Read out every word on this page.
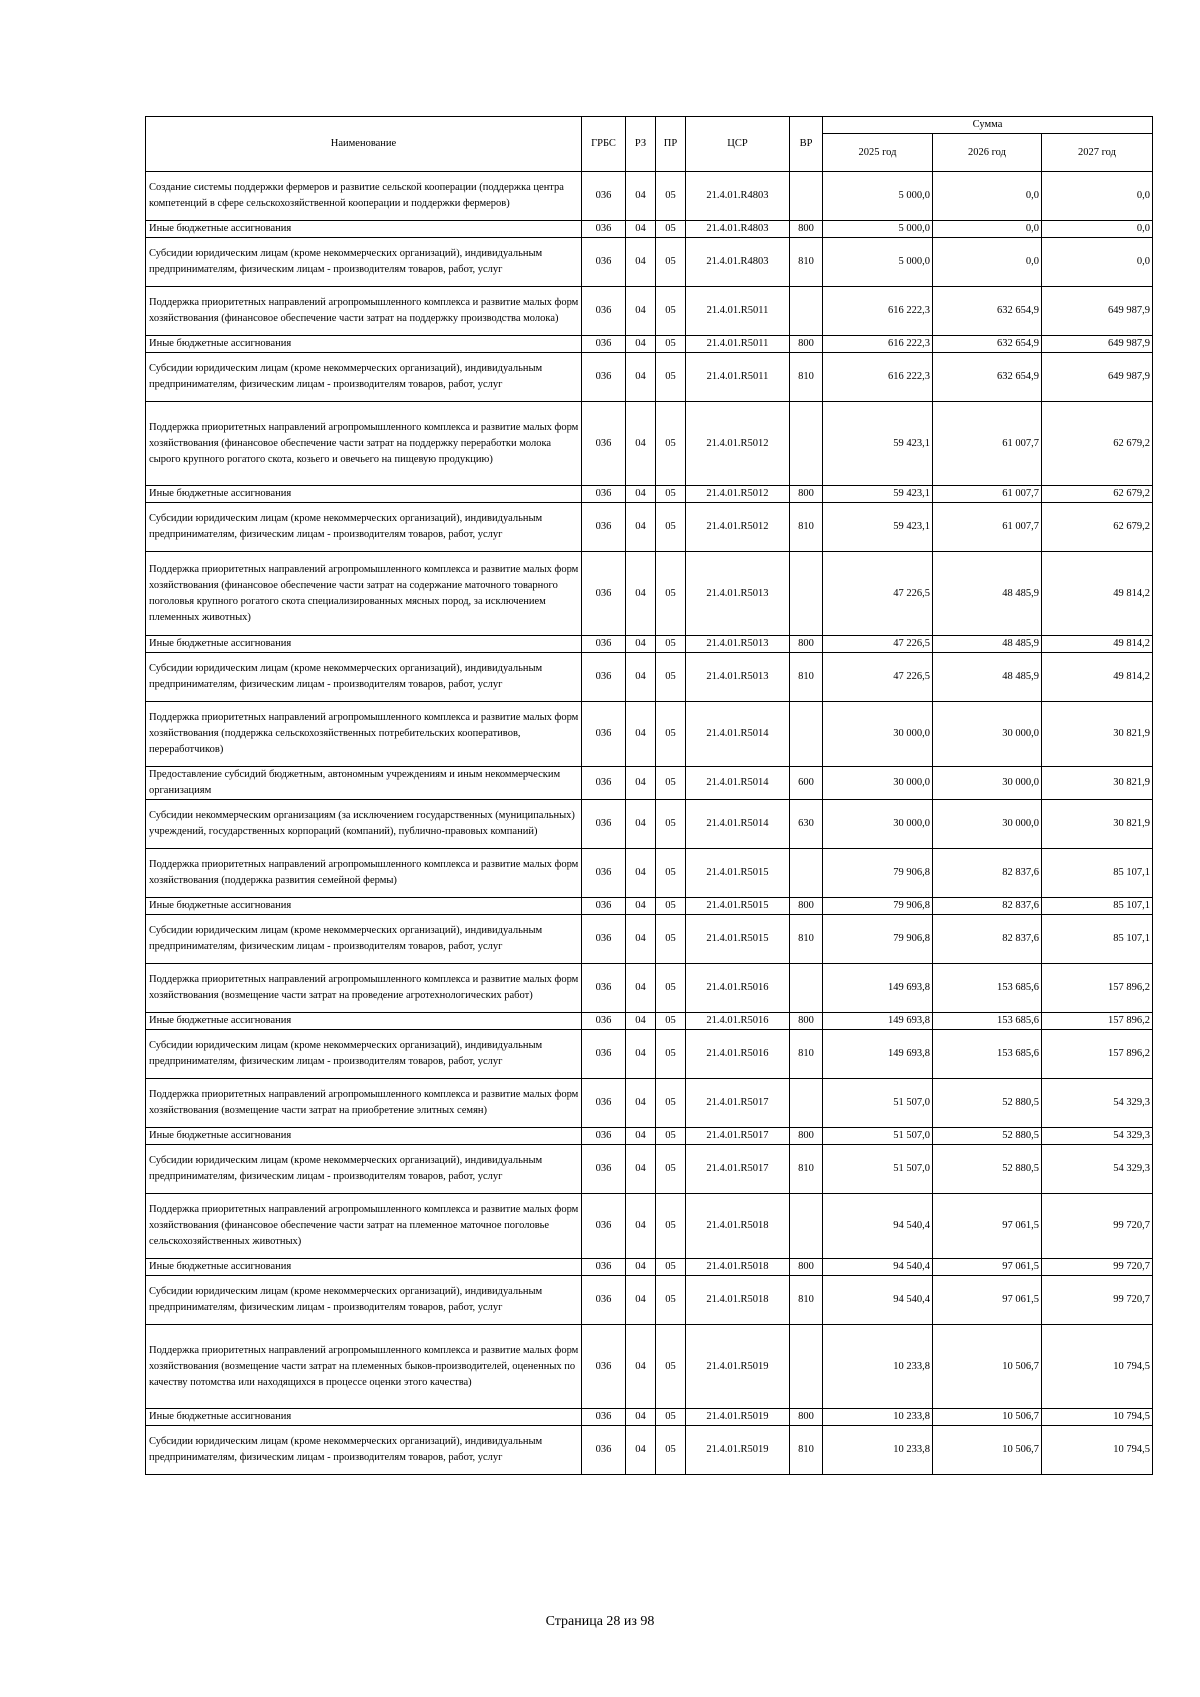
Наименование	ГРБС	РЗ	ПР	ЦСР	ВР	Сумма		
						2025 год	2026 год	2027 год
Создание системы поддержки фермеров и развитие сельской кооперации (поддержка центра компетенций в сфере сельскохозяйственной кооперации и поддержки фермеров)	036	04	05	21.4.01.R4803		5 000,0	0,0	0,0
Иные бюджетные ассигнования	036	04	05	21.4.01.R4803	800	5 000,0	0,0	0,0
Субсидии юридическим лицам (кроме некоммерческих организаций), индивидуальным предпринимателям, физическим лицам - производителям товаров, работ, услуг	036	04	05	21.4.01.R4803	810	5 000,0	0,0	0,0
Поддержка приоритетных направлений агропромышленного комплекса и развитие малых форм хозяйствования (финансовое обеспечение части затрат на поддержку производства молока)	036	04	05	21.4.01.R5011		616 222,3	632 654,9	649 987,9
Иные бюджетные ассигнования	036	04	05	21.4.01.R5011	800	616 222,3	632 654,9	649 987,9
Субсидии юридическим лицам (кроме некоммерческих организаций), индивидуальным предпринимателям, физическим лицам - производителям товаров, работ, услуг	036	04	05	21.4.01.R5011	810	616 222,3	632 654,9	649 987,9
Поддержка приоритетных направлений агропромышленного комплекса и развитие малых форм хозяйствования (финансовое обеспечение части затрат на поддержку переработки молока сырого крупного рогатого скота, козьего и овечьего на пищевую продукцию)	036	04	05	21.4.01.R5012		59 423,1	61 007,7	62 679,2
Иные бюджетные ассигнования	036	04	05	21.4.01.R5012	800	59 423,1	61 007,7	62 679,2
Субсидии юридическим лицам (кроме некоммерческих организаций), индивидуальным предпринимателям, физическим лицам - производителям товаров, работ, услуг	036	04	05	21.4.01.R5012	810	59 423,1	61 007,7	62 679,2
Поддержка приоритетных направлений агропромышленного комплекса и развитие малых форм хозяйствования (финансовое обеспечение части затрат на содержание маточного товарного поголовья крупного рогатого скота специализированных мясных пород, за исключением племенных животных)	036	04	05	21.4.01.R5013		47 226,5	48 485,9	49 814,2
Иные бюджетные ассигнования	036	04	05	21.4.01.R5013	800	47 226,5	48 485,9	49 814,2
Субсидии юридическим лицам (кроме некоммерческих организаций), индивидуальным предпринимателям, физическим лицам - производителям товаров, работ, услуг	036	04	05	21.4.01.R5013	810	47 226,5	48 485,9	49 814,2
Поддержка приоритетных направлений агропромышленного комплекса и развитие малых форм хозяйствования (поддержка сельскохозяйственных потребительских кооперативов, переработчиков)	036	04	05	21.4.01.R5014		30 000,0	30 000,0	30 821,9
Предоставление субсидий бюджетным, автономным учреждениям и иным некоммерческим организациям	036	04	05	21.4.01.R5014	600	30 000,0	30 000,0	30 821,9
Субсидии некоммерческим организациям (за исключением государственных (муниципальных) учреждений, государственных корпораций (компаний), публично-правовых компаний)	036	04	05	21.4.01.R5014	630	30 000,0	30 000,0	30 821,9
Поддержка приоритетных направлений агропромышленного комплекса и развитие малых форм хозяйствования (поддержка развития семейной фермы)	036	04	05	21.4.01.R5015		79 906,8	82 837,6	85 107,1
Иные бюджетные ассигнования	036	04	05	21.4.01.R5015	800	79 906,8	82 837,6	85 107,1
Субсидии юридическим лицам (кроме некоммерческих организаций), индивидуальным предпринимателям, физическим лицам - производителям товаров, работ, услуг	036	04	05	21.4.01.R5015	810	79 906,8	82 837,6	85 107,1
Поддержка приоритетных направлений агропромышленного комплекса и развитие малых форм хозяйствования (возмещение части затрат на проведение агротехнологических работ)	036	04	05	21.4.01.R5016		149 693,8	153 685,6	157 896,2
Иные бюджетные ассигнования	036	04	05	21.4.01.R5016	800	149 693,8	153 685,6	157 896,2
Субсидии юридическим лицам (кроме некоммерческих организаций), индивидуальным предпринимателям, физическим лицам - производителям товаров, работ, услуг	036	04	05	21.4.01.R5016	810	149 693,8	153 685,6	157 896,2
Поддержка приоритетных направлений агропромышленного комплекса и развитие малых форм хозяйствования (возмещение части затрат на приобретение элитных семян)	036	04	05	21.4.01.R5017		51 507,0	52 880,5	54 329,3
Иные бюджетные ассигнования	036	04	05	21.4.01.R5017	800	51 507,0	52 880,5	54 329,3
Субсидии юридическим лицам (кроме некоммерческих организаций), индивидуальным предпринимателям, физическим лицам - производителям товаров, работ, услуг	036	04	05	21.4.01.R5017	810	51 507,0	52 880,5	54 329,3
Поддержка приоритетных направлений агропромышленного комплекса и развитие малых форм хозяйствования (финансовое обеспечение части затрат на племенное маточное поголовье сельскохозяйственных животных)	036	04	05	21.4.01.R5018		94 540,4	97 061,5	99 720,7
Иные бюджетные ассигнования	036	04	05	21.4.01.R5018	800	94 540,4	97 061,5	99 720,7
Субсидии юридическим лицам (кроме некоммерческих организаций), индивидуальным предпринимателям, физическим лицам - производителям товаров, работ, услуг	036	04	05	21.4.01.R5018	810	94 540,4	97 061,5	99 720,7
Поддержка приоритетных направлений агропромышленного комплекса и развитие малых форм хозяйствования (возмещение части затрат на племенных быков-производителей, оцененных по качеству потомства или находящихся в процессе оценки этого качества)	036	04	05	21.4.01.R5019		10 233,8	10 506,7	10 794,5
Иные бюджетные ассигнования	036	04	05	21.4.01.R5019	800	10 233,8	10 506,7	10 794,5
Субсидии юридическим лицам (кроме некоммерческих организаций), индивидуальным предпринимателям, физическим лицам - производителям товаров, работ, услуг	036	04	05	21.4.01.R5019	810	10 233,8	10 506,7	10 794,5
Страница 28 из 98
